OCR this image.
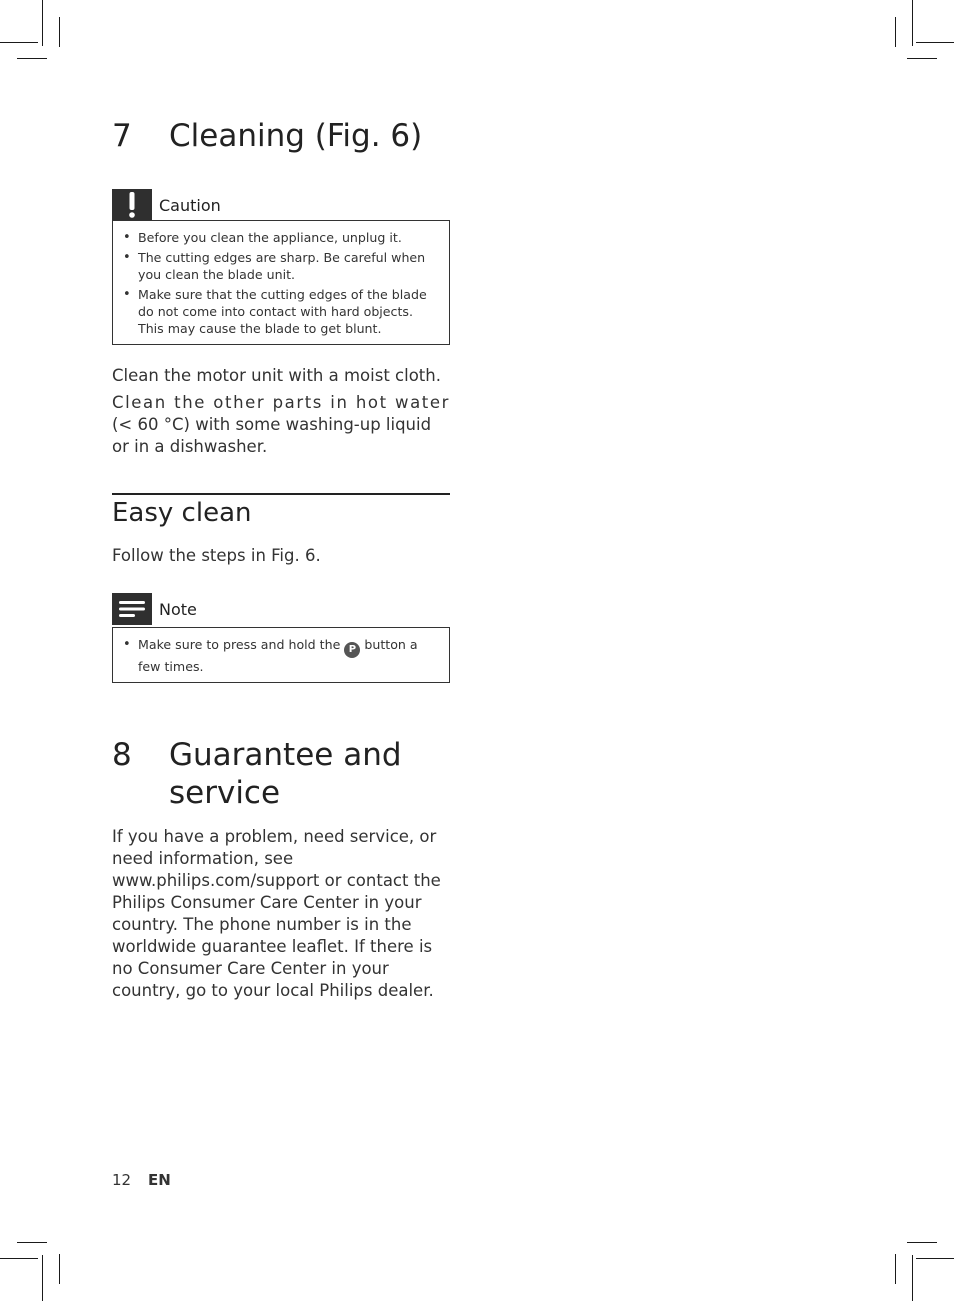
7 Cleaning (Fig. 6)
Caution
• Before you clean the appliance, unplug it.
• The cutting edges are sharp. Be careful when you clean the blade unit.
• Make sure that the cutting edges of the blade do not come into contact with hard objects. This may cause the blade to get blunt.

Clean the motor unit with a moist cloth.

Clean the other parts in hot water

(< 60 °C) with some washing-up liquid or in a dishwasher.

Easy clean

Follow the steps in Fig. 6.

Note
• Make sure to press and hold the P button a few times.
8 Guarantee and
service

If you have a problem, need service, or need information, see www.philips.com/support or contact the Philips Consumer Care Center in your country. The phone number is in the worldwide guarantee leaflet. If there is no Consumer Care Center in your country, go to your local Philips dealer.

12 EN
